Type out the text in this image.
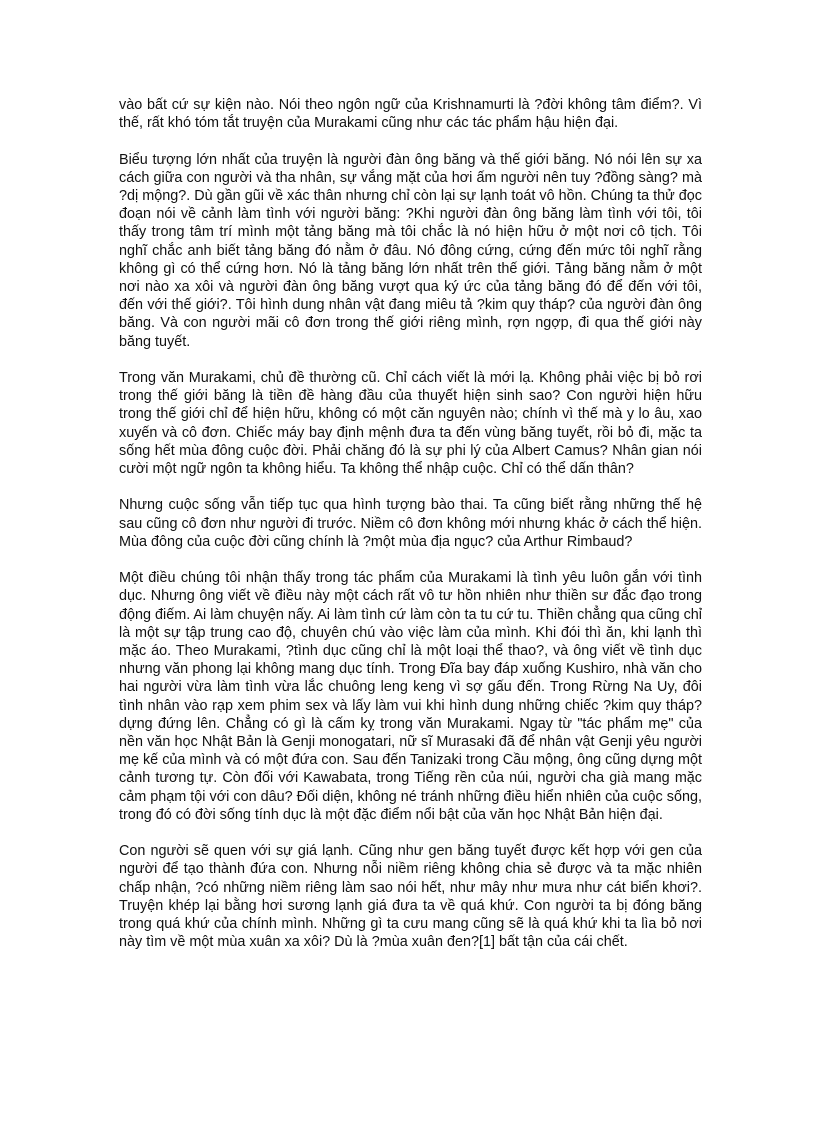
vào bất cứ sự kiện nào. Nói theo ngôn ngữ của Krishnamurti là ?đời không tâm điểm?. Vì thế, rất khó tóm tắt truyện của Murakami cũng như các tác phẩm hậu hiện đại.

Biểu tượng lớn nhất của truyện là người đàn ông băng và thế giới băng. Nó nói lên sự xa cách giữa con người và tha nhân, sự vắng mặt của hơi ấm người nên tuy ?đồng sàng? mà ?dị mộng?. Dù gần gũi về xác thân nhưng chỉ còn lại sự lạnh toát vô hồn. Chúng ta thử đọc đoạn nói về cảnh làm tình với người băng: ?Khi người đàn ông băng làm tình với tôi, tôi thấy trong tâm trí mình một tảng băng mà tôi chắc là nó hiện hữu ở một nơi cô tịch. Tôi nghĩ chắc anh biết tảng băng đó nằm ở đâu. Nó đông cứng, cứng đến mức tôi nghĩ rằng không gì có thể cứng hơn. Nó là tảng băng lớn nhất trên thế giới. Tảng băng nằm ở một nơi nào xa xôi và người đàn ông băng vượt qua ký ức của tảng băng đó để đến với tôi, đến với thế giới?. Tôi hình dung nhân vật đang miêu tả ?kim quy tháp? của người đàn ông băng. Và con người mãi cô đơn trong thế giới riêng mình, rợn ngợp, đi qua thế giới này băng tuyết.

Trong văn Murakami, chủ đề thường cũ. Chỉ cách viết là mới lạ. Không phải việc bị bỏ rơi trong thế giới băng là tiền đề hàng đầu của thuyết hiện sinh sao? Con người hiện hữu trong thế giới chỉ để hiện hữu, không có một căn nguyên nào; chính vì thế mà y lo âu, xao xuyến và cô đơn. Chiếc máy bay định mệnh đưa ta đến vùng băng tuyết, rồi bỏ đi, mặc ta sống hết mùa đông cuộc đời. Phải chăng đó là sự phi lý của Albert Camus? Nhân gian nói cười một ngữ ngôn ta không hiểu. Ta không thể nhập cuộc. Chỉ có thể dấn thân?

Nhưng cuộc sống vẫn tiếp tục qua hình tượng bào thai. Ta cũng biết rằng những thế hệ sau cũng cô đơn như người đi trước. Niềm cô đơn không mới nhưng khác ở cách thể hiện. Mùa đông của cuộc đời cũng chính là ?một mùa địa ngục? của Arthur Rimbaud?

Một điều chúng tôi nhận thấy trong tác phẩm của Murakami là tình yêu luôn gắn với tình dục. Nhưng ông viết về điều này một cách rất vô tư hồn nhiên như thiền sư đắc đạo trong động điếm. Ai làm chuyện nấy. Ai làm tình cứ làm còn ta tu cứ tu. Thiền chẳng qua cũng chỉ là một sự tập trung cao độ, chuyên chú vào việc làm của mình. Khi đói thì ăn, khi lạnh thì mặc áo. Theo Murakami, ?tình dục cũng chỉ là một loại thể thao?, và ông viết về tình dục nhưng văn phong lại không mang dục tính. Trong Đĩa bay đáp xuống Kushiro, nhà văn cho hai người vừa làm tình vừa lắc chuông leng keng vì sợ gấu đến. Trong Rừng Na Uy, đôi tình nhân vào rạp xem phim sex và lấy làm vui khi hình dung những chiếc ?kim quy tháp? dựng đứng lên. Chẳng có gì là cấm kỵ trong văn Murakami. Ngay từ "tác phẩm mẹ" của nền văn học Nhật Bản là Genji monogatari, nữ sĩ Murasaki đã để nhân vật Genji yêu người mẹ kế của mình và có một đứa con. Sau đến Tanizaki trong Cầu mộng, ông cũng dựng một cảnh tương tự. Còn đối với Kawabata, trong Tiếng rền của núi, người cha già mang mặc cảm phạm tội với con dâu? Đối diện, không né tránh những điều hiển nhiên của cuộc sống, trong đó có đời sống tính dục là một đặc điểm nổi bật của văn học Nhật Bản hiện đại.

Con người sẽ quen với sự giá lạnh. Cũng như gen băng tuyết được kết hợp với gen của người để tạo thành đứa con. Nhưng nỗi niềm riêng không chia sẻ được và ta mặc nhiên chấp nhận, ?có những niềm riêng làm sao nói hết, như mây như mưa như cát biển khơi?. Truyện khép lại bằng hơi sương lạnh giá đưa ta về quá khứ. Con người ta bị đóng băng trong quá khứ của chính mình. Những gì ta cưu mang cũng sẽ là quá khứ khi ta lìa bỏ nơi này tìm về một mùa xuân xa xôi? Dù là ?mùa xuân đen?[1] bất tận của cái chết.
